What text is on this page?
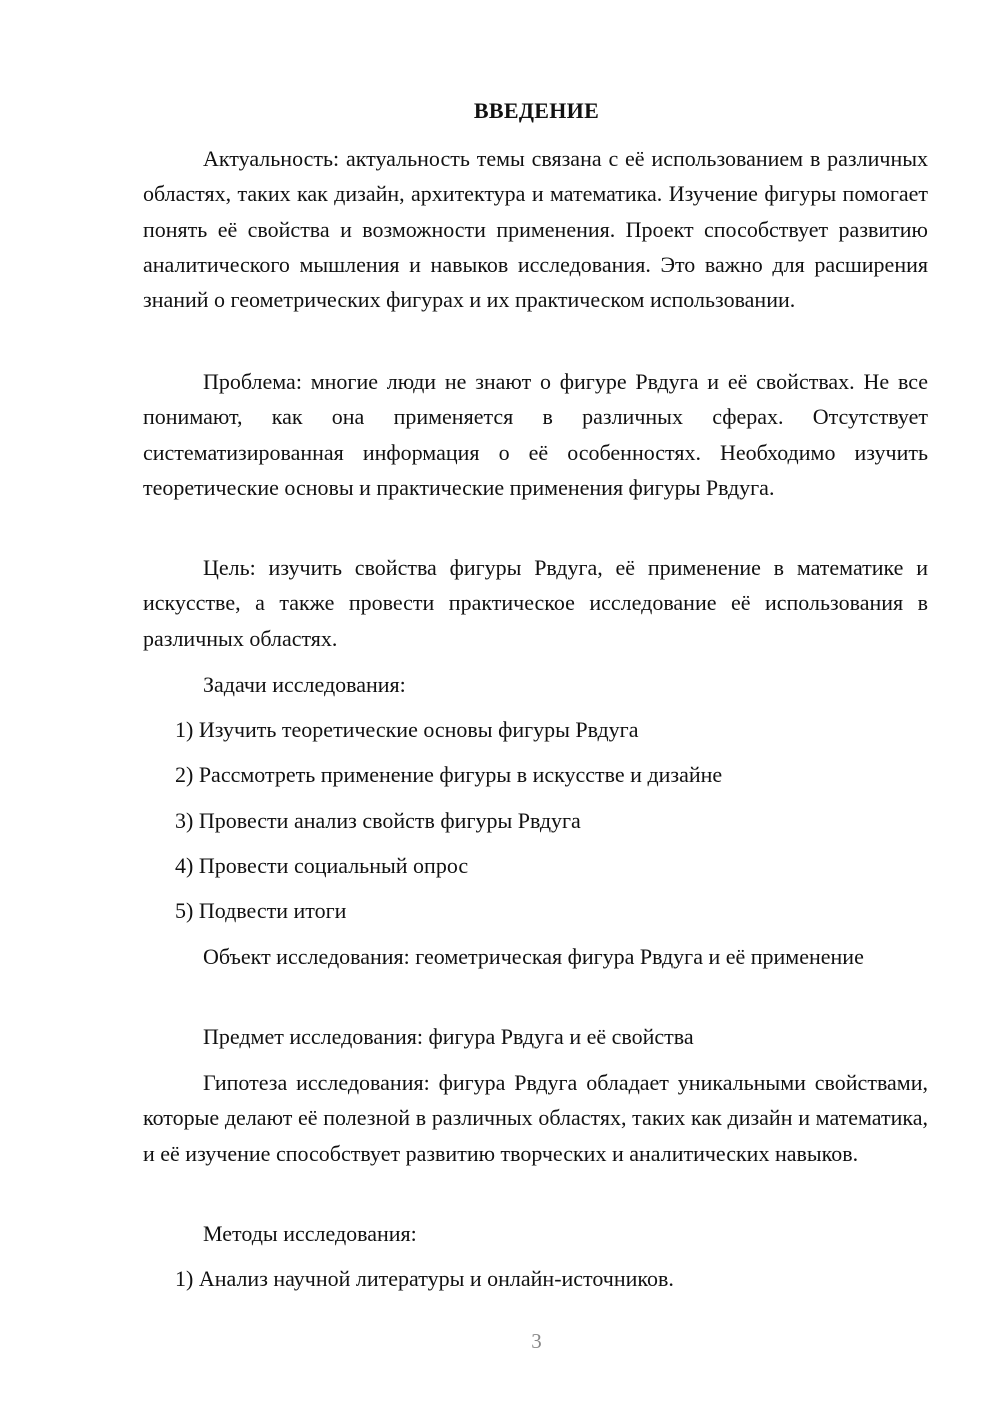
ВВЕДЕНИЕ

Актуальность: актуальность темы связана с её использованием в различных областях, таких как дизайн, архитектура и математика. Изучение фигуры помогает понять её свойства и возможности применения. Проект способствует развитию аналитического мышления и навыков исследования. Это важно для расширения знаний о геометрических фигурах и их практическом использовании.

Проблема: многие люди не знают о фигуре Рвдуга и её свойствах. Не все понимают, как она применяется в различных сферах. Отсутствует систематизированная информация о её особенностях. Необходимо изучить теоретические основы и практические применения фигуры Рвдуга.

Цель: изучить свойства фигуры Рвдуга, её применение в математике и искусстве, а также провести практическое исследование её использования в различных областях.

Задачи исследования:
1) Изучить теоретические основы фигуры Рвдуга
2) Рассмотреть применение фигуры в искусстве и дизайне
3) Провести анализ свойств фигуры Рвдуга
4) Провести социальный опрос
5) Подвести итоги

Объект исследования: геометрическая фигура Рвдуга и её применение

Предмет исследования: фигура Рвдуга и её свойства

Гипотеза исследования: фигура Рвдуга обладает уникальными свойствами, которые делают её полезной в различных областях, таких как дизайн и математика, и её изучение способствует развитию творческих и аналитических навыков.

Методы исследования:
1) Анализ научной литературы и онлайн-источников.
3
